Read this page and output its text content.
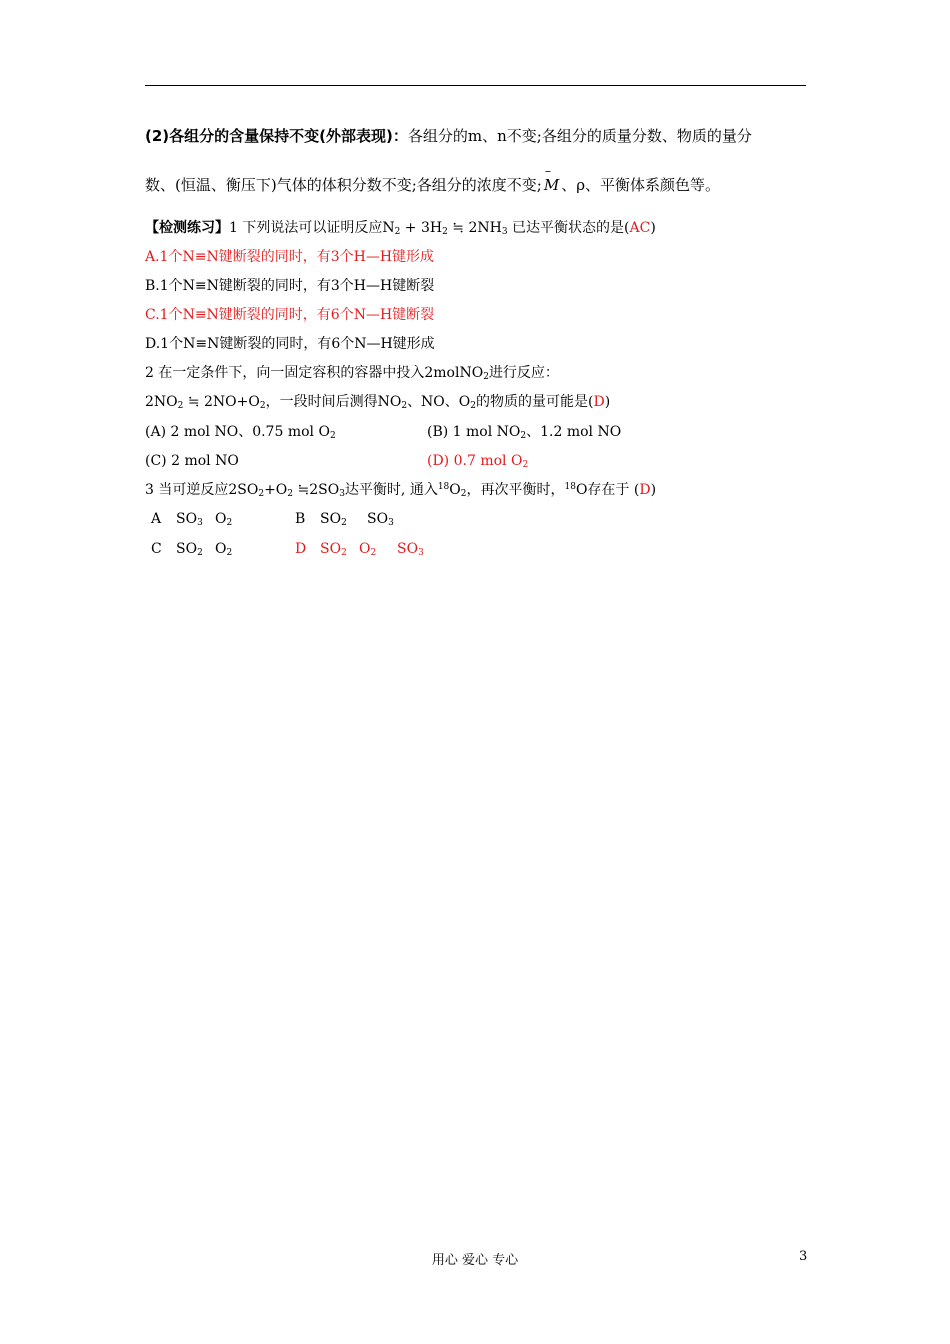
(2)各组分的含量保持不变(外部表现)：各组分的m、n不变;各组分的质量分数、物质的量分
数、(恒温、衡压下)气体的体积分数不变;各组分的浓度不变;– M 、ρ、平衡体系颜色等。
【检测练习】1 下列说法可以证明反应$N_2 + 3H_2$ ≒ $2NH_3$ 已达平衡状态的是(AC)
A.1个N≡N键断裂的同时，有3个H—H键形成
B.1个N≡N键断裂的同时，有3个H—H键断裂
C.1个N≡N键断裂的同时，有6个N—H键断裂
D.1个N≡N键断裂的同时，有6个N—H键形成
2 在一定条件下，向一固定容积的容器中投入2molNO$_2$进行反应：
$2NO_2$ ≒ $2NO+O_2$，一段时间后测得$NO_2$、NO、$O_2$的物质的量可能是(D)
(A) 2 mol NO、0.75 mol $O_2$	(B) 1 mol $NO_2$、1.2 mol NO
(C) 2 mol NO	(D) 0.7 mol $O_2$
3 当可逆反应$2SO_2+O_2$ $≒2SO_3$达平衡时, 通入$^{18}O_2$，再次平衡时，$^{18}$O存在于 (D)
A $SO_3$ $O_2$	B $SO_2$ $SO_3$
C $SO_2$ $O_2$	D $SO_2$ $O_2$ $SO_3$
用心 爱心 专心	3
